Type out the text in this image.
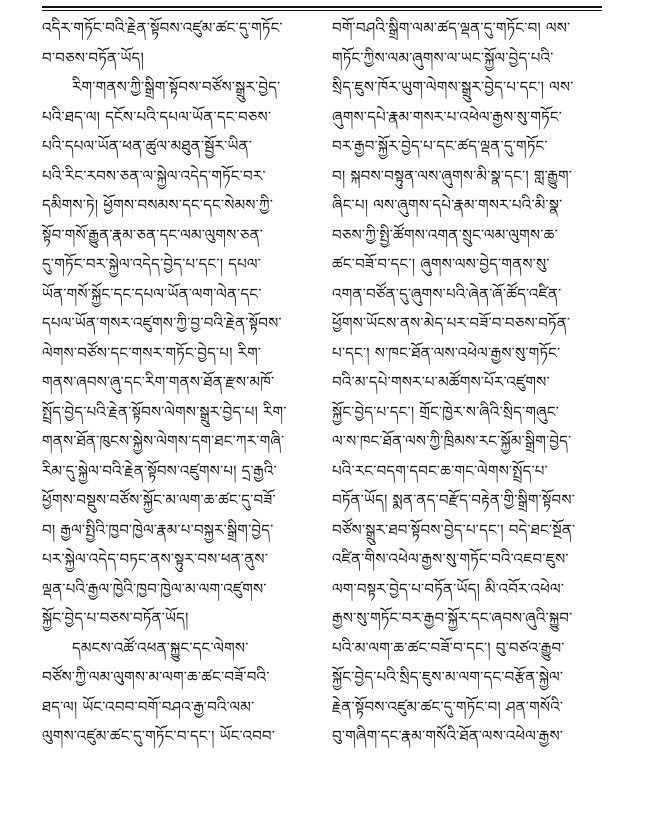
འདིར་གཏོང་བའི་རྗེན་སྟོབས་འཛུམ་ཚང་དུ་གཏོང་
བ་བཅས་བཏོན་ཡོད།
རིག་གནས་ཀྱི་སྒྲིག་སྟོབས་བཙོས་སྒྲུར་བྱེད་
པའི་ཐད་ལ། དངོས་པའི་དཔལ་ཡོན་དང་བཅས་
པའི་དཔལ་ཡོན་ཕན་ཚུལ་མཐུན་སྦྱོར་ཡིན་
པའི་རིང་རབས་ཅན་ལ་སྐྱེལ་འདེད་གཏོང་བར་
དམིགས་ཏེ། ཕྱོགས་བསམས་དང་དང་སེམས་ཀྱི་
སྟོབ་གསོ་རྒྱུན་རྣམ་ཅན་དང་ལམ་ལུགས་ཅན་
དུ་གཏོང་བར་སྐྱེལ་འདེད་བྱེད་པ་དང་། དཔལ་
ཡོན་གསོ་སྐྱོང་དང་དཔལ་ཡོན་ལག་ལེན་དང་
དཔལ་ཡོན་གསར་འཛུགས་ཀྱི་བྱ་བའི་རྗེན་སྟོབས་
ལེགས་བཙོས་དང་གསར་གཏོང་བྱེད་པ། རིག་
གནས་ཞབས་ཞུ་དང་རིག་གནས་ཐོན་རྫས་མཁོ་
སྤྲོད་བྱེད་པའི་རྗེན་སྟོབས་ལེགས་སྒྲུར་བྱེད་པ། རིག་
གནས་ཐོན་ཁུངས་སྐྱེས་ལེགས་དག་ཐང་ཀར་གཞི་
རིམ་དུ་སྐྱེལ་བའི་རྗེན་སྟོབས་འཛུགས་པ། དྲ་རྒྱའི་
ཕྱོགས་བསྡུས་བཙོས་སྐྱོང་མ་ལག་ཆ་ཚང་དུ་བཟོ་
བ། རྒྱལ་སྤྱིའི་ཁྱབ་ཁྱེལ་རྣམ་པ་བསྐྱར་སྒྲིག་བྱེད་
པར་སྐྱེལ་འདེད་བཏང་ནས་སྟུར་བས་ཕན་ནུས་
ལྡན་པའི་རྒྱལ་ཁྱེའི་ཁྱབ་ཁྱེལ་མ་ལག་འཛུགས་
སྐྱོང་བྱེད་པ་བཅས་བཏོན་ཡོད།
དམངས་འཚོ་འཕན་སྐྱུང་དང་ལེགས་
བཙོས་ཀྱི་ལམ་ལུགས་མ་ལག་ཆ་ཚང་བཟོ་བའི་
ཐད་ལ། ཡོང་འབབ་བགོ་བཤའ་རྒྱ་བའི་ལམ་
ལུགས་འཛུམ་ཚང་དུ་གཏོང་བ་དང་། ཡོང་འབབ་
བགོ་བཤའི་སྒྲིག་ལམ་ཚད་ལྡན་དུ་གཏོང་བ། ལས་
གཏོང་ཀྱིས་ལམ་ཞུགས་ལ་ཡང་སྐྱོལ་བྱེད་པའི་
སྲིད་ཇུས་ཁོར་ཡུག་ལེགས་སྒྲུར་བྱེད་པ་དང་། ལས་
ཞུགས་དཔེ་རྣམ་གསར་པ་འཕེལ་རྒྱས་སུ་གཏོང་
བར་རྒྱབ་སྐྱོར་བྱེད་པ་དང་ཚད་ལྡན་དུ་གཏོང་
བ། སྐབས་བསྟུན་ལས་ཞུགས་མི་སྣ་དང་། གླ་རྒྱུག་
ཞིང་པ། ལས་ཞུགས་དཔེ་རྣམ་གསར་པའི་མི་སྣ་
བཅས་ཀྱི་སྤྱི་ཚོགས་འགན་སྲུང་ལམ་ལུགས་ཆ་
ཚང་བཟོ་བ་དང་། ཞུགས་ལས་བྱེད་གནས་སུ་
འགན་བཙོན་དུ་ཞུགས་པའི་ཞེན་ཞོ་ཚོད་འཛིན་
ཕྱོགས་ཡོངས་ནས་མེད་པར་བཟོ་བ་བཅས་བཏོན་
པ་དང་། ས་ཁང་ཐོན་ལས་འཕེལ་རྒྱས་སུ་གཏོང་
བའི་མ་དཔེ་གསར་པ་མཚོགས་པོར་འཛུགས་
སྐྱོང་བྱེད་པ་དང་། གྲོང་ཁྱེར་ས་ཞིའི་སྲིད་གཞུང་
ལ་ས་ཁང་ཐོན་ལས་ཀྱི་ཁྲིམས་རང་སྐྱོམ་སྒྲིག་བྱེད་
པའི་རང་བདག་དབང་ཆ་གང་ལེགས་སྤྲོད་པ་
བཏོན་ཡོད། སྨན་ནད་བརྫོད་བརྟེན་གྱི་སྒྲིག་སྟོབས་
བཙོས་སྒྲུར་ཐབ་སྟོབས་བྱེད་པ་དང་། བདེ་ཐང་སྔོན་
འཛིན་གིས་འཕེལ་རྒྱས་སུ་གཏོང་བའི་འཇབ་ཇུས་
ལག་བསྟར་བྱེད་པ་བཏོན་ཡོད། མི་འབོར་འཕེལ་
རྒྱས་སུ་གཏོང་བར་རྒྱབ་སྐྱོར་དང་ཞབས་ཞུའི་སྐྱུབ་
པའི་མ་ལག་ཆ་ཚང་བཟོ་བ་དང་། བུ་བཙའ་རྒྱུབ་
སྐྱོང་བྱེད་པའི་སྲིད་ཇུས་མ་ལག་དང་བརྩོན་སྐྱེལ་
རྗེན་སྟོབས་འཛུམ་ཚང་དུ་གཏོང་བ། ཤན་གསོའི་
བུ་གཞིག་དང་རྣམ་གསོའི་ཐོན་ལས་འཕེལ་རྒྱས་
